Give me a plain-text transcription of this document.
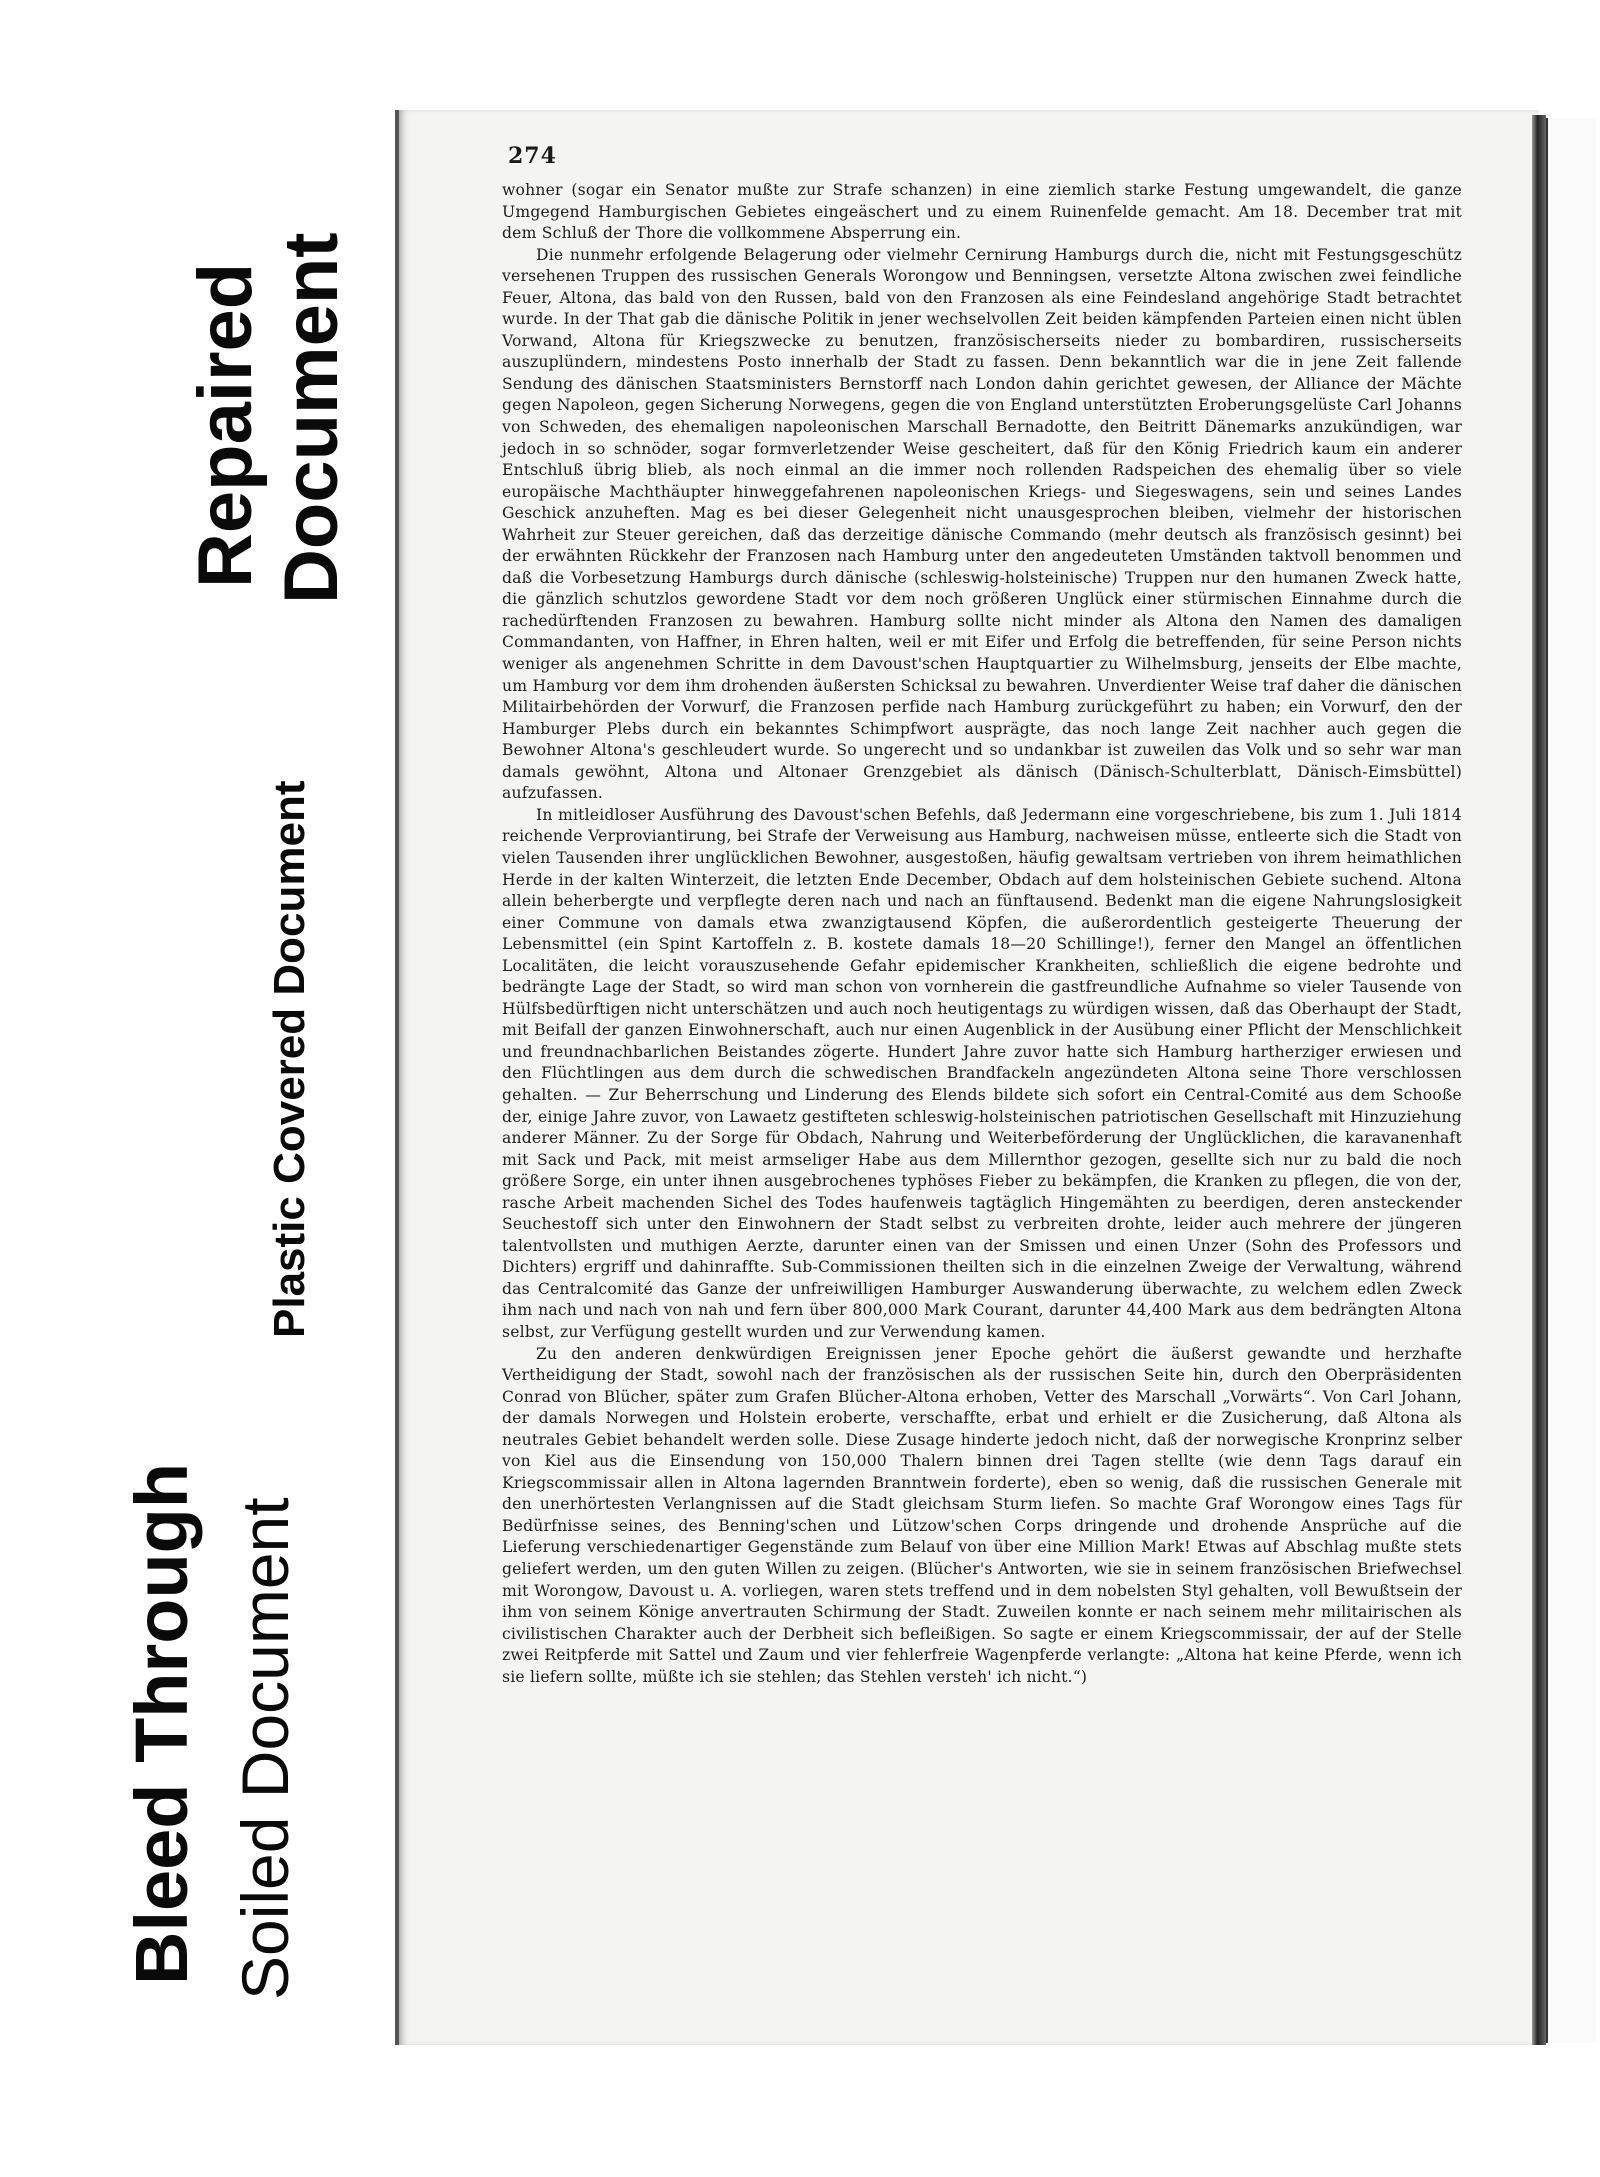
Bleed Through Soiled Document
Plastic Covered Document
Repaired Document
274

wohner (sogar ein Senator mußte zur Strafe schanzen) in eine ziemlich starke Festung umgewandelt, die ganze Umgegend Hamburgischen Gebietes eingeäschert und zu einem Ruinenfelde gemacht. Am 18. December trat mit dem Schluß der Thore die vollkommene Absperrung ein.

Die nunmehr erfolgende Belagerung oder vielmehr Cernirung Hamburgs durch die, nicht mit Festungsgeschütz versehenen Truppen des russischen Generals Worongow und Benningsen, versetzte Altona zwischen zwei feindliche Feuer, Altona, das bald von den Russen, bald von den Franzosen als eine Feindesland angehörige Stadt betrachtet wurde. In der That gab die dänische Politik in jener wechselvollen Zeit beiden kämpfenden Parteien einen nicht üblen Vorwand, Altona für Kriegszwecke zu benutzen, französischerseits nieder zu bombardiren, russischerseits auszuplündern, mindestens Posto innerhalb der Stadt zu fassen. Denn bekanntlich war die in jene Zeit fallende Sendung des dänischen Staatsministers Bernstorff nach London dahin gerichtet gewesen, der Alliance der Mächte gegen Napoleon, gegen Sicherung Norwegens, gegen die von England unterstützten Eroberungsgelüste Carl Johanns von Schweden, des ehemaligen napoleonischen Marschall Bernadotte, den Beitritt Dänemarks anzukündigen, war jedoch in so schnöder, sogar formverletzender Weise gescheitert, daß für den König Friedrich kaum ein anderer Entschluß übrig blieb, als noch einmal an die immer noch rollenden Radspeichen des ehemalig über so viele europäische Machthäupter hinweggefahrenen napoleonischen Kriegs- und Siegeswagens, sein und seines Landes Geschick anzuheften. Mag es bei dieser Gelegenheit nicht unausgesprochen bleiben, vielmehr der historischen Wahrheit zur Steuer gereichen, daß das derzeitige dänische Commando (mehr deutsch als französisch gesinnt) bei der erwähnten Rückkehr der Franzosen nach Hamburg unter den angedeuteten Umständen taktvoll benommen und daß die Vorbesetzung Hamburgs durch dänische (schleswig-holsteinische) Truppen nur den humanen Zweck hatte, die gänzlich schutzlos gewordene Stadt vor dem noch größeren Unglück einer stürmischen Einnahme durch die rachedürftenden Franzosen zu bewahren. Hamburg sollte nicht minder als Altona den Namen des damaligen Commandanten, von Haffner, in Ehren halten, weil er mit Eifer und Erfolg die betreffenden, für seine Person nichts weniger als angenehmen Schritte in dem Davoust'schen Hauptquartier zu Wilhelmsburg, jenseits der Elbe machte, um Hamburg vor dem ihm drohenden äußersten Schicksal zu bewahren. Unverdienter Weise traf daher die dänischen Militairbehörden der Vorwurf, die Franzosen perfide nach Hamburg zurückgeführt zu haben; ein Vorwurf, den der Hamburger Plebs durch ein bekanntes Schimpfwort ausprägte, das noch lange Zeit nachher auch gegen die Bewohner Altona's geschleudert wurde. So ungerecht und so undankbar ist zuweilen das Volk und so sehr war man damals gewöhnt, Altona und Altonaer Grenzgebiet als dänisch (Dänisch-Schulterblatt, Dänisch-Eimsbüttel) aufzufassen.

In mitleidloser Ausführung des Davoust'schen Befehls, daß Jedermann eine vorgeschriebene, bis zum 1. Juli 1814 reichende Verproviantirung, bei Strafe der Verweisung aus Hamburg, nachweisen müsse, entleerte sich die Stadt von vielen Tausenden ihrer unglücklichen Bewohner, ausgestoßen, häufig gewaltsam vertrieben von ihrem heimathlichen Herde in der kalten Winterzeit, die letzten Ende December, Obdach auf dem holsteinischen Gebiete suchend. Altona allein beherbergte und verpflegte deren nach und nach an fünftausend. Bedenkt man die eigene Nahrungslosigkeit einer Commune von damals etwa zwanzigtausend Köpfen, die außerordentlich gesteigerte Theuerung der Lebensmittel (ein Spint Kartoffeln z. B. kostete damals 18—20 Schillinge!), ferner den Mangel an öffentlichen Localitäten, die leicht vorauszusehende Gefahr epidemischer Krankheiten, schließlich die eigene bedrohte und bedrängte Lage der Stadt, so wird man schon von vornherein die gastfreundliche Aufnahme so vieler Tausende von Hülfsbedürftigen nicht unterschätzen und auch noch heutigentags zu würdigen wissen, daß das Oberhaupt der Stadt, mit Beifall der ganzen Einwohnerschaft, auch nur einen Augenblick in der Ausübung einer Pflicht der Menschlichkeit und freundnachbarlichen Beistandes zögerte. Hundert Jahre zuvor hatte sich Hamburg hartherziger erwiesen und den Flüchtlingen aus dem durch die schwedischen Brandfackeln angezündeten Altona seine Thore verschlossen gehalten. — Zur Beherrschung und Linderung des Elends bildete sich sofort ein Central-Comité aus dem Schooße der, einige Jahre zuvor, von Lawaetz gestifteten schleswig-holsteinischen patriotischen Gesellschaft mit Hinzuziehung anderer Männer. Zu der Sorge für Obdach, Nahrung und Weiterbeförderung der Unglücklichen, die karavanenhaft mit Sack und Pack, mit meist armseliger Habe aus dem Millernthor gezogen, gesellte sich nur zu bald die noch größere Sorge, ein unter ihnen ausgebrochenes typhöses Fieber zu bekämpfen, die Kranken zu pflegen, die von der, rasche Arbeit machenden Sichel des Todes haufenweis tagtäglich Hingemähten zu beerdigen, deren ansteckender Seuchestoff sich unter den Einwohnern der Stadt selbst zu verbreiten drohte, leider auch mehrere der jüngeren talentvollsten und muthigen Aerzte, darunter einen van der Smissen und einen Unzer (Sohn des Professors und Dichters) ergriff und dahinraffte. Sub-Commissionen theilten sich in die einzelnen Zweige der Verwaltung, während das Centralcomité das Ganze der unfreiwilligen Hamburger Auswanderung überwachte, zu welchem edlen Zweck ihm nach und nach von nah und fern über 800,000 Mark Courant, darunter 44,400 Mark aus dem bedrängten Altona selbst, zur Verfügung gestellt wurden und zur Verwendung kamen.

Zu den anderen denkwürdigen Ereignissen jener Epoche gehört die äußerst gewandte und herzhafte Vertheidigung der Stadt, sowohl nach der französischen als der russischen Seite hin, durch den Oberpräsidenten Conrad von Blücher, später zum Grafen Blücher-Altona erhoben, Vetter des Marschall „Vorwärts“. Von Carl Johann, der damals Norwegen und Holstein eroberte, verschaffte, erbat und erhielt er die Zusicherung, daß Altona als neutrales Gebiet behandelt werden solle. Diese Zusage hinderte jedoch nicht, daß der norwegische Kronprinz selber von Kiel aus die Einsendung von 150,000 Thalern binnen drei Tagen stellte (wie denn Tags darauf ein Kriegscommissair allen in Altona lagernden Branntwein forderte), eben so wenig, daß die russischen Generale mit den unerhörtesten Verlangnissen auf die Stadt gleichsam Sturm liefen. So machte Graf Worongow eines Tags für Bedürfnisse seines, des Benning'schen und Lützow'schen Corps dringende und drohende Ansprüche auf die Lieferung verschiedenartiger Gegenstände zum Belauf von über eine Million Mark! Etwas auf Abschlag mußte stets geliefert werden, um den guten Willen zu zeigen. (Blücher's Antworten, wie sie in seinem französischen Briefwechsel mit Worongow, Davoust u. A. vorliegen, waren stets treffend und in dem nobelsten Styl gehalten, voll Bewußtsein der ihm von seinem Könige anvertrauten Schirmung der Stadt. Zuweilen konnte er nach seinem mehr militairischen als civilistischen Charakter auch der Derbheit sich befleißigen. So sagte er einem Kriegscommissair, der auf der Stelle zwei Reitpferde mit Sattel und Zaum und vier fehlerfreie Wagenpferde verlangte: „Altona hat keine Pferde, wenn ich sie liefern sollte, müßte ich sie stehlen; das Stehlen versteh' ich nicht.“)
